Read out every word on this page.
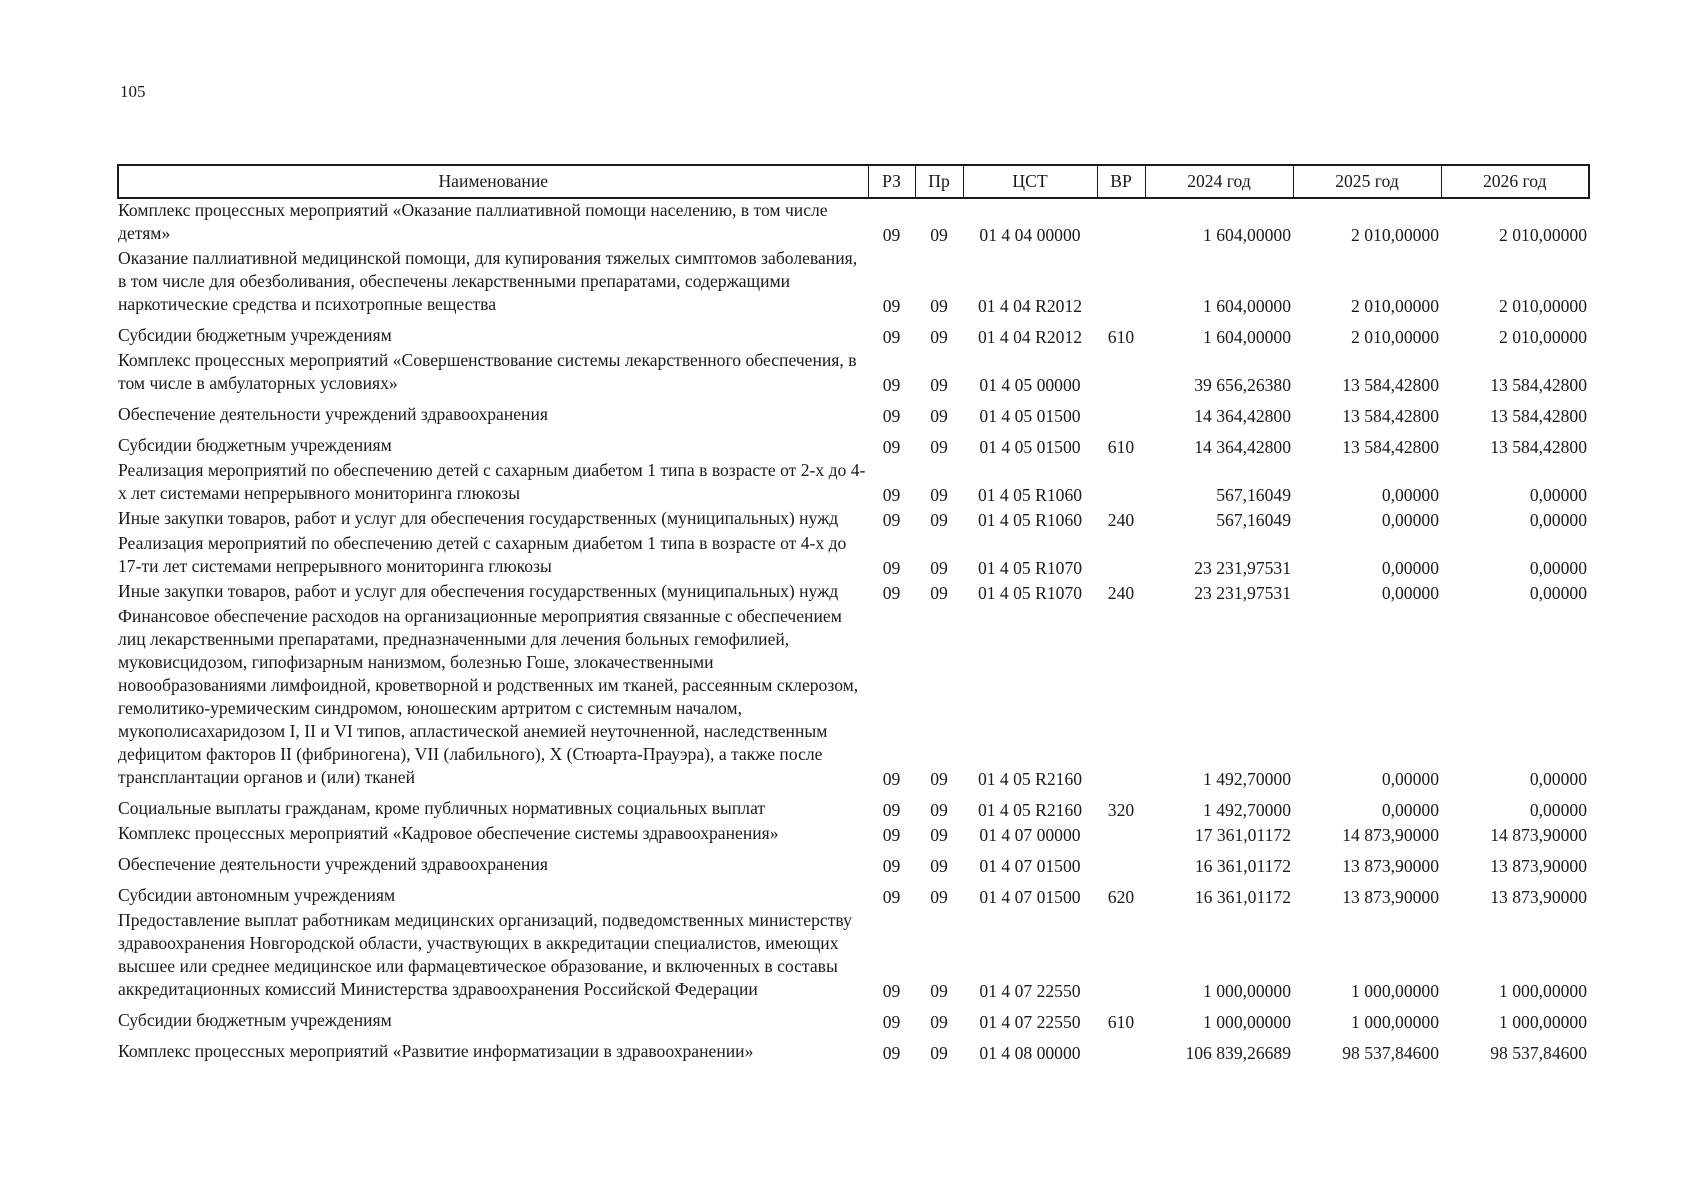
105
Наименование	РЗ	Пр	ЦСТ	ВР	2024 год	2025 год	2026 год
Комплекс процессных мероприятий «Оказание паллиативной помощи населению, в том числе детям»	09	09	01 4 04 00000		1 604,00000	2 010,00000	2 010,00000
Оказание паллиативной медицинской помощи, для купирования тяжелых симптомов заболевания, в том числе для обезболивания, обеспечены лекарственными препаратами, содержащими наркотические средства и психотропные вещества	09	09	01 4 04 R2012		1 604,00000	2 010,00000	2 010,00000
Субсидии бюджетным учреждениям	09	09	01 4 04 R2012	610	1 604,00000	2 010,00000	2 010,00000
Комплекс процессных мероприятий «Совершенствование системы лекарственного обеспечения, в том числе в амбулаторных условиях»	09	09	01 4 05 00000		39 656,26380	13 584,42800	13 584,42800
Обеспечение деятельности учреждений здравоохранения	09	09	01 4 05 01500		14 364,42800	13 584,42800	13 584,42800
Субсидии бюджетным учреждениям	09	09	01 4 05 01500	610	14 364,42800	13 584,42800	13 584,42800
Реализация мероприятий по обеспечению детей с сахарным диабетом 1 типа в возрасте от 2-х до 4-х лет системами непрерывного мониторинга глюкозы	09	09	01 4 05 R1060		567,16049	0,00000	0,00000
Иные закупки товаров, работ и услуг для обеспечения государственных (муниципальных) нужд	09	09	01 4 05 R1060	240	567,16049	0,00000	0,00000
Реализация мероприятий по обеспечению детей с сахарным диабетом 1 типа в возрасте от 4-х до 17-ти лет системами непрерывного мониторинга глюкозы	09	09	01 4 05 R1070		23 231,97531	0,00000	0,00000
Иные закупки товаров, работ и услуг для обеспечения государственных (муниципальных) нужд	09	09	01 4 05 R1070	240	23 231,97531	0,00000	0,00000
Финансовое обеспечение расходов на организационные мероприятия связанные с обеспечением лиц лекарственными препаратами, предназначенными для лечения больных гемофилией, муковисцидозом, гипофизарным нанизмом, болезнью Гоше, злокачественными новообразованиями лимфоидной, кроветворной и родственных им тканей, рассеянным склерозом, гемолитико-уремическим синдромом, юношеским артритом с системным началом, мукополисахаридозом I, II и VI типов, апластической анемией неуточненной, наследственным дефицитом факторов II (фибриногена), VII (лабильного), X (Стюарта-Прауэра), а также после трансплантации органов и (или) тканей	09	09	01 4 05 R2160		1 492,70000	0,00000	0,00000
Социальные выплаты гражданам, кроме публичных нормативных социальных выплат	09	09	01 4 05 R2160	320	1 492,70000	0,00000	0,00000
Комплекс процессных мероприятий «Кадровое обеспечение системы здравоохранения»	09	09	01 4 07 00000		17 361,01172	14 873,90000	14 873,90000
Обеспечение деятельности учреждений здравоохранения	09	09	01 4 07 01500		16 361,01172	13 873,90000	13 873,90000
Субсидии автономным учреждениям	09	09	01 4 07 01500	620	16 361,01172	13 873,90000	13 873,90000
Предоставление выплат работникам медицинских организаций, подведомственных министерству здравоохранения Новгородской области, участвующих в аккредитации специалистов, имеющих высшее или среднее медицинское или фармацевтическое образование, и включенных в составы аккредитационных комиссий Министерства здравоохранения Российской Федерации	09	09	01 4 07 22550		1 000,00000	1 000,00000	1 000,00000
Субсидии бюджетным учреждениям	09	09	01 4 07 22550	610	1 000,00000	1 000,00000	1 000,00000
Комплекс процессных мероприятий «Развитие информатизации в здравоохранении»	09	09	01 4 08 00000		106 839,26689	98 537,84600	98 537,84600
